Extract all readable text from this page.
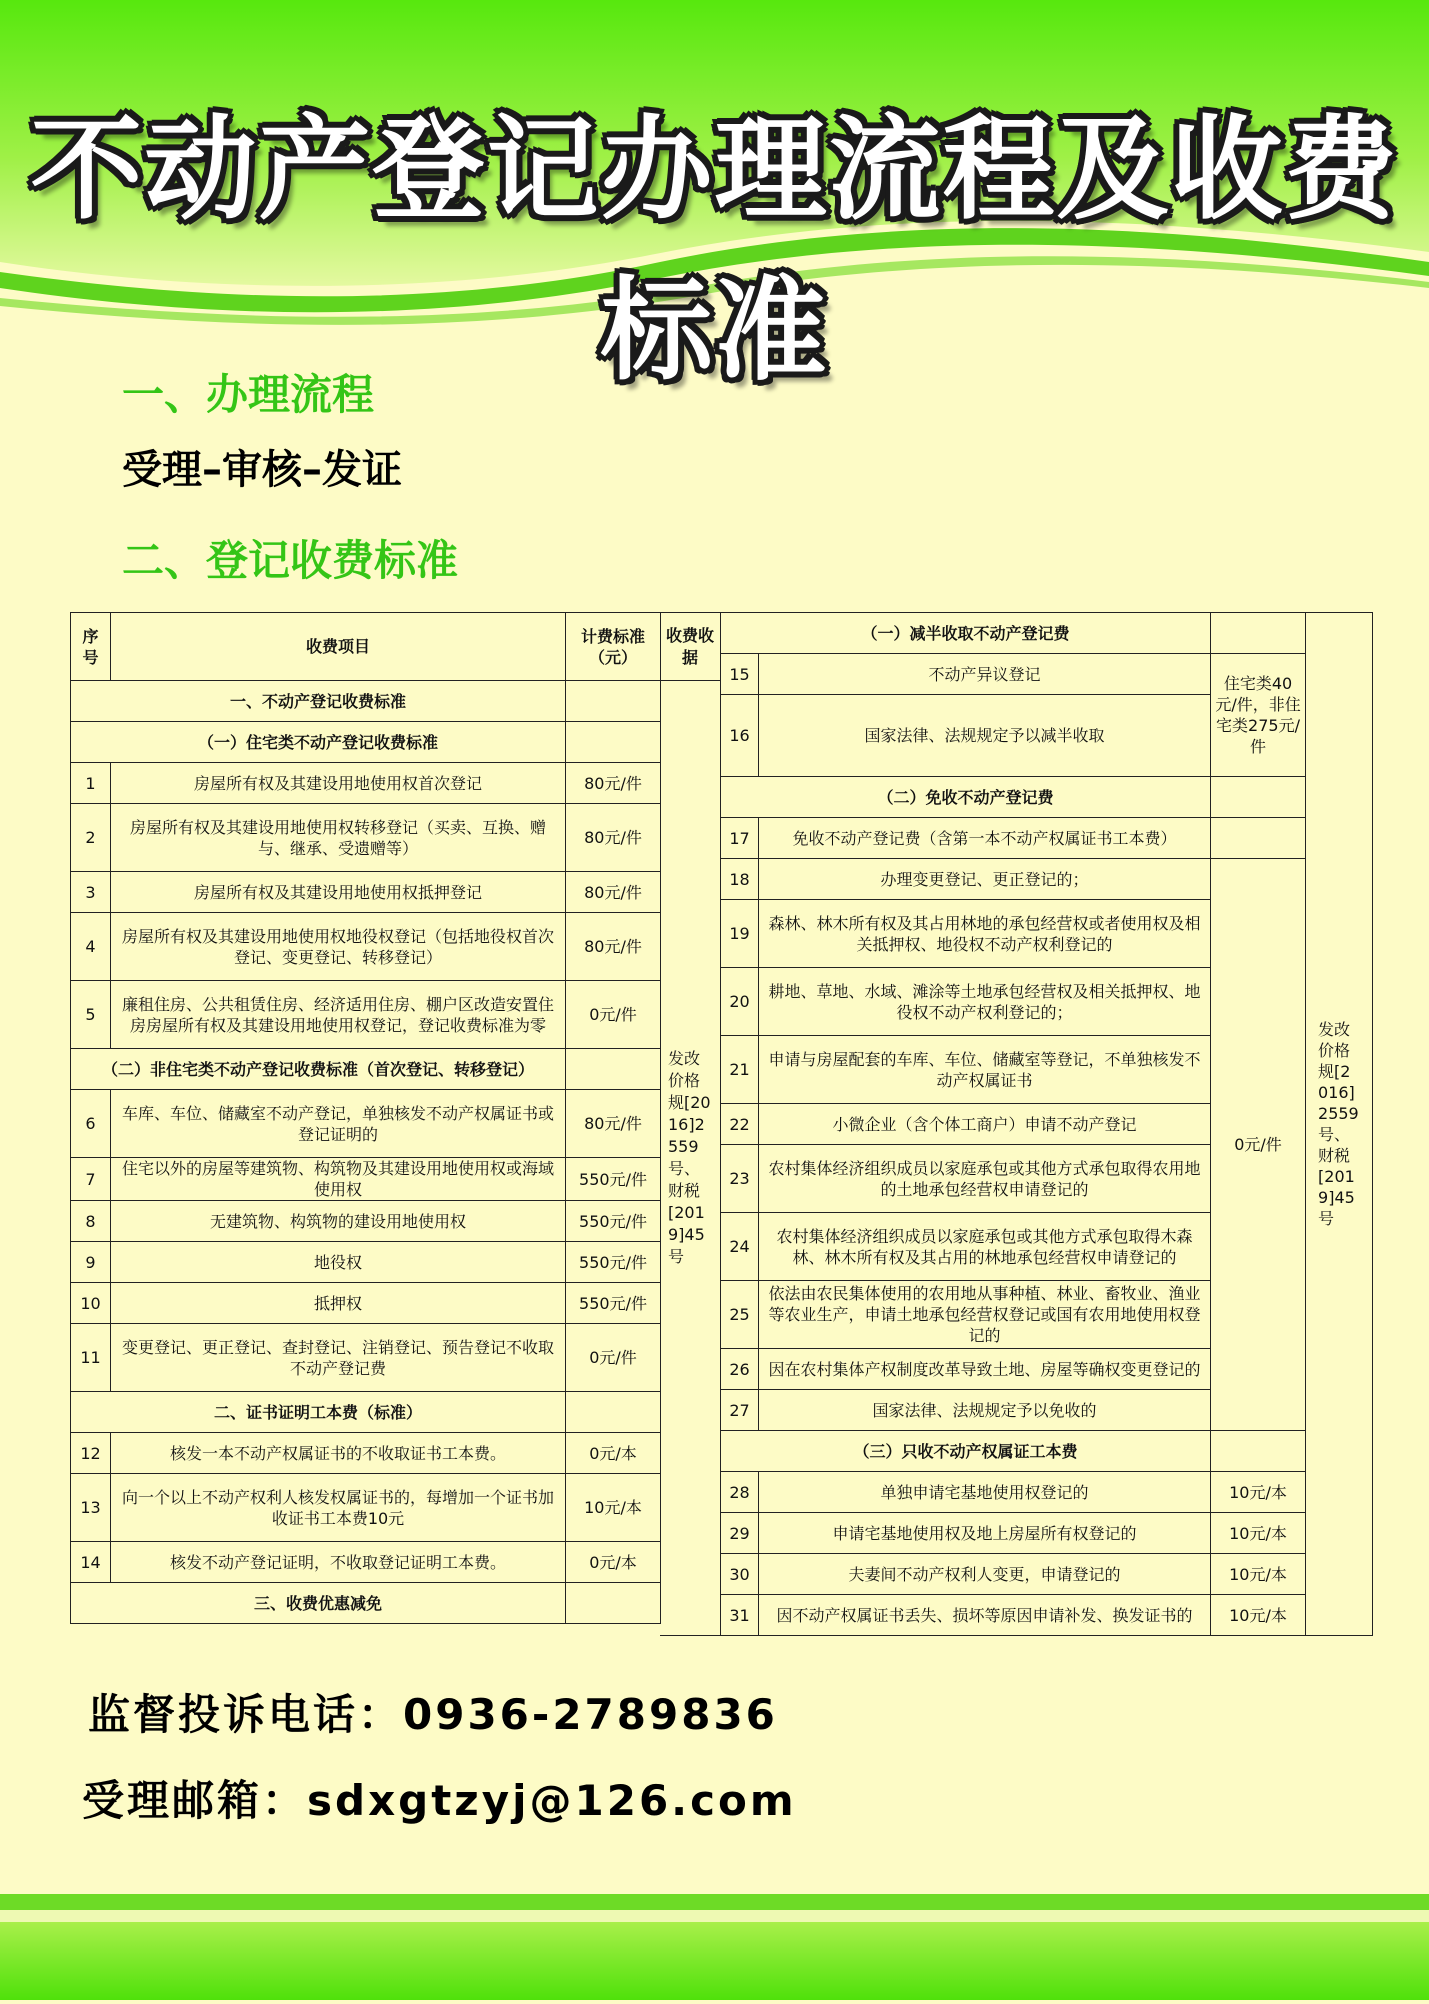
不动产登记办理流程及收费标准
一、办理流程
受理–审核–发证
二、登记收费标准
序号	收费项目	计费标准（元）
一、不动产登记收费标准		
（一）住宅类不动产登记收费标准		
1	房屋所有权及其建设用地使用权首次登记	80元/件
2	房屋所有权及其建设用地使用权转移登记（买卖、互换、赠与、继承、受遗赠等）	80元/件
3	房屋所有权及其建设用地使用权抵押登记	80元/件
4	房屋所有权及其建设用地使用权地役权登记（包括地役权首次登记、变更登记、转移登记）	80元/件
5	廉租住房、公共租赁住房、经济适用住房、棚户区改造安置住房房屋所有权及其建设用地使用权登记，登记收费标准为零	0元/件
（二）非住宅类不动产登记收费标准（首次登记、转移登记）		
6	车库、车位、储藏室不动产登记，单独核发不动产权属证书或登记证明的	80元/件
7	住宅以外的房屋等建筑物、构筑物及其建设用地使用权或海域使用权	550元/件
8	无建筑物、构筑物的建设用地使用权	550元/件
9	地役权	550元/件
10	抵押权	550元/件
11	变更登记、更正登记、查封登记、注销登记、预告登记不收取不动产登记费	0元/件
二、证书证明工本费（标准）		
12	核发一本不动产权属证书的不收取证书工本费。	0元/本
13	向一个以上不动产权利人核发权属证书的，每增加一个证书加收证书工本费10元	10元/本
14	核发不动产登记证明，不收取登记证明工本费。	0元/本
三、收费优惠减免		
收费收据
发改价格规[2016]2559号、财税[2019]45号
（一）减半收取不动产登记费			发改价格规[2016]2559号、财税[2019]45号

15	不动产异议登记	住宅类40元/件，非住宅类275元/件	
16	国家法律、法规规定予以减半收取		
（二）免收不动产登记费			
17	免收不动产登记费（含第一本不动产权属证书工本费）		
18	办理变更登记、更正登记的；	0元/件	
19	森林、林木所有权及其占用林地的承包经营权或者使用权及相关抵押权、地役权不动产权利登记的		
20	耕地、草地、水域、滩涂等土地承包经营权及相关抵押权、地役权不动产权利登记的；		
21	申请与房屋配套的车库、车位、储藏室等登记，不单独核发不动产权属证书		
22	小微企业（含个体工商户）申请不动产登记		
23	农村集体经济组织成员以家庭承包或其他方式承包取得农用地的土地承包经营权申请登记的		
24	农村集体经济组织成员以家庭承包或其他方式承包取得木森林、林木所有权及其占用的林地承包经营权申请登记的		
25	依法由农民集体使用的农用地从事种植、林业、畜牧业、渔业等农业生产，申请土地承包经营权登记或国有农用地使用权登记的		
26	因在农村集体产权制度改革导致土地、房屋等确权变更登记的		
27	国家法律、法规规定予以免收的		
（三）只收不动产权属证工本费			
28	单独申请宅基地使用权登记的	10元/本	
29	申请宅基地使用权及地上房屋所有权登记的	10元/本	
30	夫妻间不动产权利人变更，申请登记的	10元/本	
31	因不动产权属证书丢失、损坏等原因申请补发、换发证书的	10元/本	
监督投诉电话：0936-2789836
受理邮箱：sdxgtzyj@126.com
